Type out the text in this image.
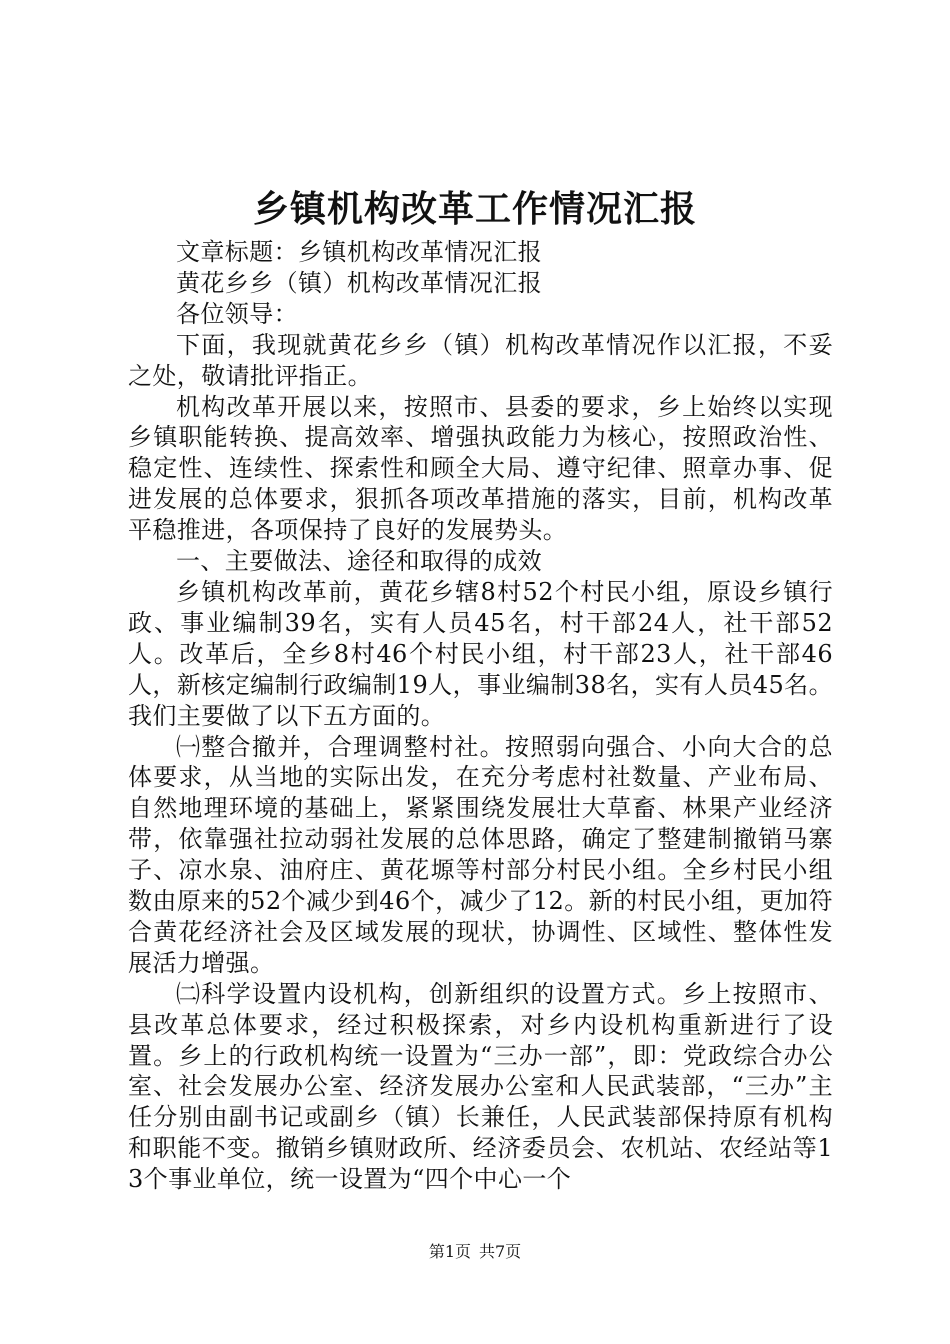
乡镇机构改革工作情况汇报

文章标题：乡镇机构改革情况汇报

黄花乡乡（镇）机构改革情况汇报

各位领导：

下面，我现就黄花乡乡（镇）机构改革情况作以汇报，不妥之处，敬请批评指正。

机构改革开展以来，按照市、县委的要求，乡上始终以实现乡镇职能转换、提高效率、增强执政能力为核心，按照政治性、稳定性、连续性、探索性和顾全大局、遵守纪律、照章办事、促进发展的总体要求，狠抓各项改革措施的落实，目前，机构改革平稳推进，各项保持了良好的发展势头。

一、主要做法、途径和取得的成效

乡镇机构改革前，黄花乡辖8村52个村民小组，原设乡镇行政、事业编制39名，实有人员45名，村干部24人，社干部52人。改革后，全乡8村46个村民小组，村干部23人，社干部46人，新核定编制行政编制19人，事业编制38名，实有人员45名。我们主要做了以下五方面的。

㈠整合撤并，合理调整村社。按照弱向强合、小向大合的总体要求，从当地的实际出发，在充分考虑村社数量、产业布局、自然地理环境的基础上，紧紧围绕发展壮大草畜、林果产业经济带，依靠强社拉动弱社发展的总体思路，确定了整建制撤销马寨子、凉水泉、油府庄、黄花塬等村部分村民小组。全乡村民小组数由原来的52个减少到46个，减少了12。新的村民小组，更加符合黄花经济社会及区域发展的现状，协调性、区域性、整体性发展活力增强。

㈡科学设置内设机构，创新组织的设置方式。乡上按照市、县改革总体要求，经过积极探索，对乡内设机构重新进行了设置。乡上的行政机构统一设置为“三办一部”，即：党政综合办公室、社会发展办公室、经济发展办公室和人民武装部，“三办”主任分别由副书记或副乡（镇）长兼任，人民武装部保持原有机构和职能不变。撤销乡镇财政所、经济委员会、农机站、农经站等13个事业单位，统一设置为“四个中心一个

第1页 共7页
